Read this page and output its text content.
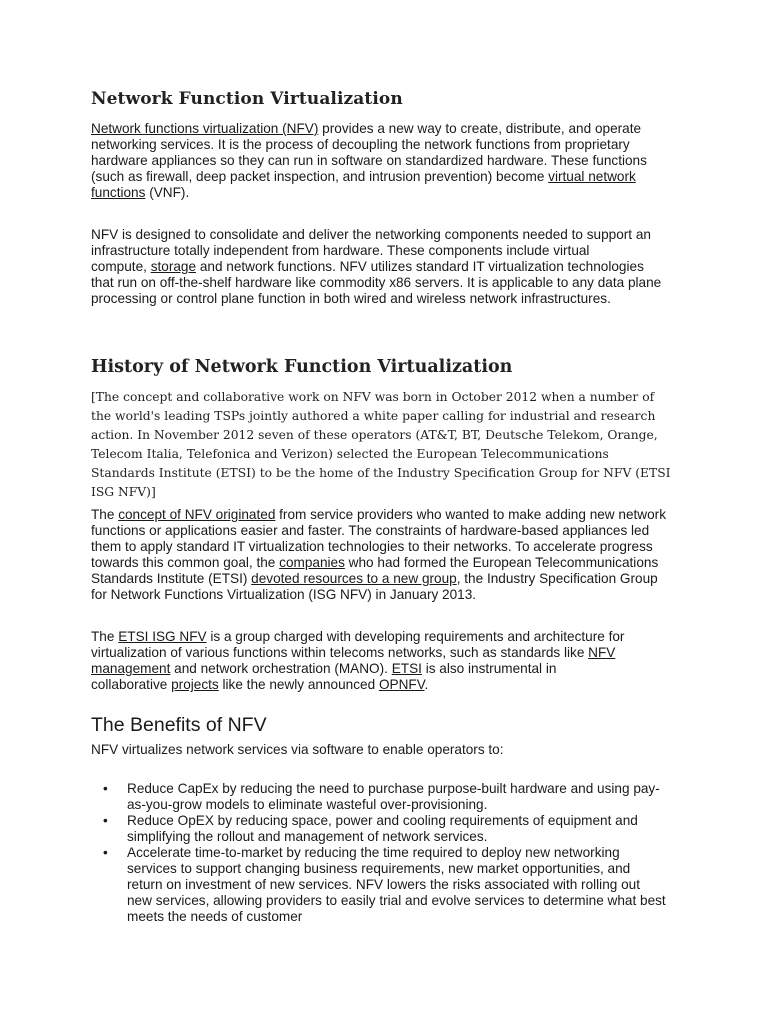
Network Function Virtualization

Network functions virtualization (NFV) provides a new way to create, distribute, and operate
networking services. It is the process of decoupling the network functions from proprietary
hardware appliances so they can run in software on standardized hardware. These functions
(such as firewall, deep packet inspection, and intrusion prevention) become virtual network
functions (VNF).

NFV is designed to consolidate and deliver the networking components needed to support an
infrastructure totally independent from hardware. These components include virtual
compute, storage and network functions. NFV utilizes standard IT virtualization technologies
that run on off-the-shelf hardware like commodity x86 servers. It is applicable to any data plane
processing or control plane function in both wired and wireless network infrastructures.

History of Network Function Virtualization

[The concept and collaborative work on NFV was born in October 2012 when a number of
the world's leading TSPs jointly authored a white paper calling for industrial and research
action. In November 2012 seven of these operators (AT&T, BT, Deutsche Telekom, Orange,
Telecom Italia, Telefonica and Verizon) selected the European Telecommunications
Standards Institute (ETSI) to be the home of the Industry Specification Group for NFV (ETSI
ISG NFV)]

The concept of NFV originated from service providers who wanted to make adding new network
functions or applications easier and faster. The constraints of hardware-based appliances led
them to apply standard IT virtualization technologies to their networks. To accelerate progress
towards this common goal, the companies who had formed the European Telecommunications
Standards Institute (ETSI) devoted resources to a new group, the Industry Specification Group
for Network Functions Virtualization (ISG NFV) in January 2013.

The ETSI ISG NFV is a group charged with developing requirements and architecture for
virtualization of various functions within telecoms networks, such as standards like NFV
management and network orchestration (MANO). ETSI is also instrumental in
collaborative projects like the newly announced OPNFV.

The Benefits of NFV

NFV virtualizes network services via software to enable operators to:

• Reduce CapEx by reducing the need to purchase purpose-built hardware and using pay-
as-you-grow models to eliminate wasteful over-provisioning.
• Reduce OpEX by reducing space, power and cooling requirements of equipment and
simplifying the rollout and management of network services.
• Accelerate time-to-market by reducing the time required to deploy new networking
services to support changing business requirements, new market opportunities, and
return on investment of new services. NFV lowers the risks associated with rolling out
new services, allowing providers to easily trial and evolve services to determine what best
meets the needs of customer
